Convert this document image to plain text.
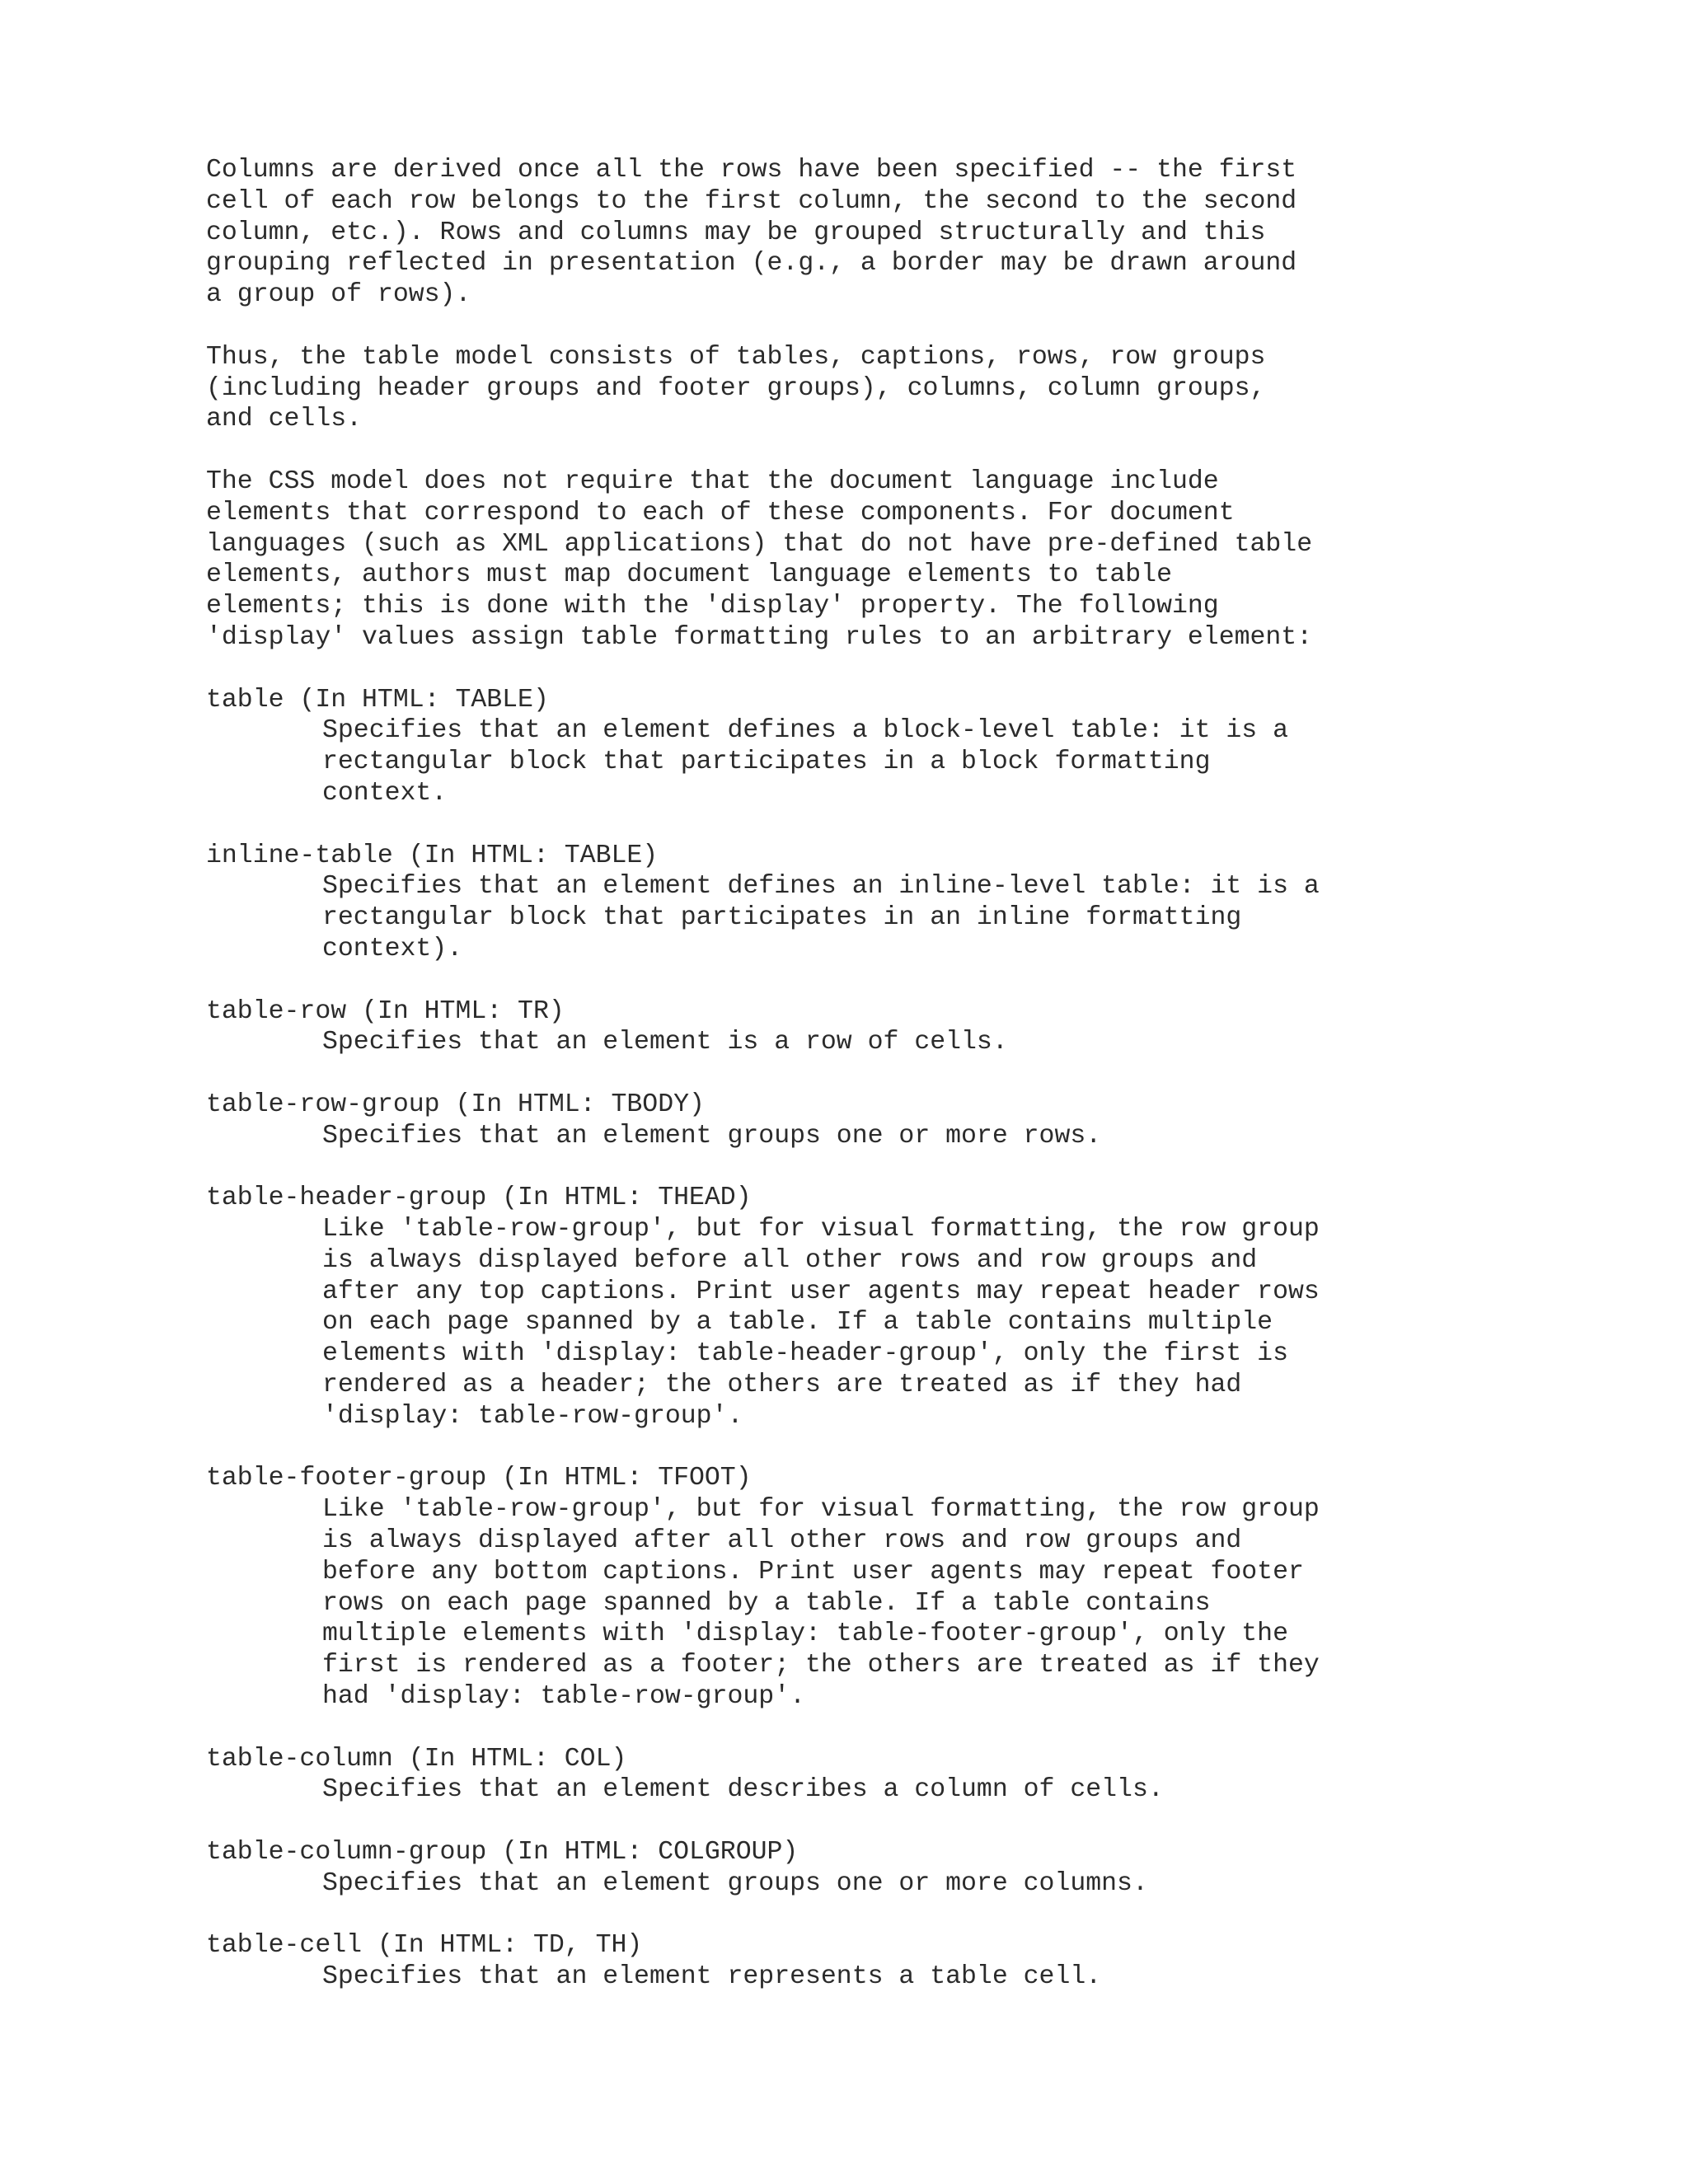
Columns are derived once all the rows have been specified -- the first
cell of each row belongs to the first column, the second to the second
column, etc.). Rows and columns may be grouped structurally and this
grouping reflected in presentation (e.g., a border may be drawn around
a group of rows).

Thus, the table model consists of tables, captions, rows, row groups
(including header groups and footer groups), columns, column groups,
and cells.

The CSS model does not require that the document language include
elements that correspond to each of these components. For document
languages (such as XML applications) that do not have pre-defined table
elements, authors must map document language elements to table
elements; this is done with the 'display' property. The following
'display' values assign table formatting rules to an arbitrary element:

table (In HTML: TABLE)
Specifies that an element defines a block-level table: it is a
rectangular block that participates in a block formatting
context.
inline-table (In HTML: TABLE)
Specifies that an element defines an inline-level table: it is a
rectangular block that participates in an inline formatting
context).
table-row (In HTML: TR)
Specifies that an element is a row of cells.
table-row-group (In HTML: TBODY)
Specifies that an element groups one or more rows.
table-header-group (In HTML: THEAD)
Like 'table-row-group', but for visual formatting, the row group
is always displayed before all other rows and row groups and
after any top captions. Print user agents may repeat header rows
on each page spanned by a table. If a table contains multiple
elements with 'display: table-header-group', only the first is
rendered as a header; the others are treated as if they had
'display: table-row-group'.
table-footer-group (In HTML: TFOOT)
Like 'table-row-group', but for visual formatting, the row group
is always displayed after all other rows and row groups and
before any bottom captions. Print user agents may repeat footer
rows on each page spanned by a table. If a table contains
multiple elements with 'display: table-footer-group', only the
first is rendered as a footer; the others are treated as if they
had 'display: table-row-group'.
table-column (In HTML: COL)
Specifies that an element describes a column of cells.
table-column-group (In HTML: COLGROUP)
Specifies that an element groups one or more columns.
table-cell (In HTML: TD, TH)
Specifies that an element represents a table cell.
